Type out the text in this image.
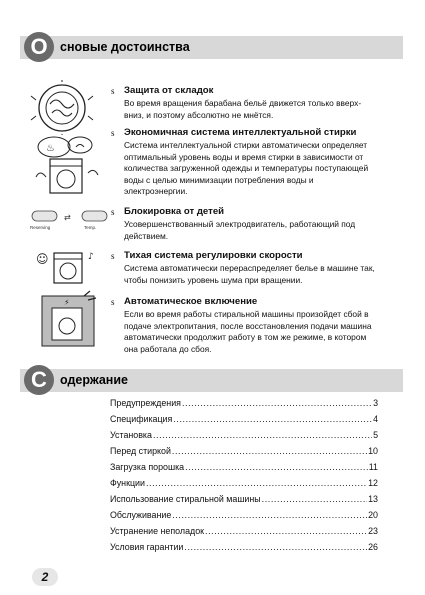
О сновые достоинства
♨
⇄
Reserving	Temp.
☺	♪
⚡
s Защита от складок
Во время вращения барабана бельё движется только вверх-
вниз, и поэтому абсолютно не мнётся.
s Экономичная система интеллектуальной стирки
Система интеллектуальной стирки автоматически определяет
оптимальный уровень воды и время стирки в зависимости от
количества загруженной одежды и температуры поступающей
воды с целью минимизации потребления воды и
электроэнергии.
s Блокировка от детей
Усовершенствованный электродвигатель, работающий под
действием.
s Тихая система регулировки скорости
Система автоматически перераспределяет белье в машине так,
чтобы понизить уровень шума при вращении.
s Автоматическое включение
Если во время работы стиральной машины произойдет сбой в
подаче электропитания, после восстановления подачи машина
автоматически продолжит работу в том же режиме, в котором
она работала до сбоя.
С	одержание
Предупреждения .....	3
Спецификация .....	4
Установка .....	5
Перед стиркой .....	10
Загрузка порошка .....	11
Функции .....	12
Использование стиральной машины .....	13
Обслуживание .....	20
Устранение неполадок .....	23
Условия гарантии .....	26
2
